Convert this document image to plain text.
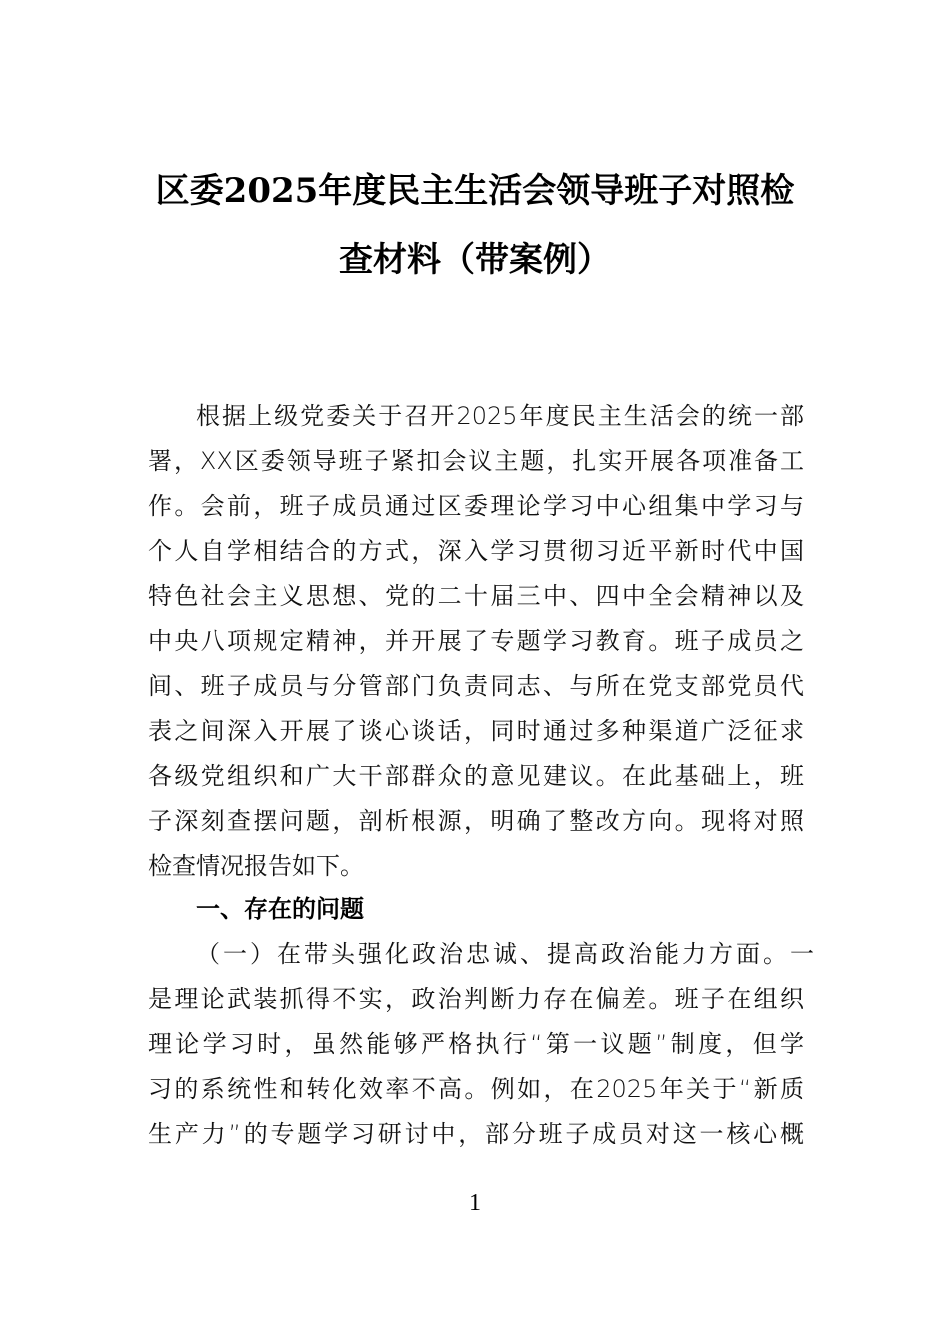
区委2025年度民主生活会领导班子对照检
查材料（带案例）
根据上级党委关于召开2025年度民主生活会的统一部
署，XX区委领导班子紧扣会议主题，扎实开展各项准备工
作。会前，班子成员通过区委理论学习中心组集中学习与
个人自学相结合的方式，深入学习贯彻习近平新时代中国
特色社会主义思想、党的二十届三中、四中全会精神以及
中央八项规定精神，并开展了专题学习教育。班子成员之
间、班子成员与分管部门负责同志、与所在党支部党员代
表之间深入开展了谈心谈话，同时通过多种渠道广泛征求
各级党组织和广大干部群众的意见建议。在此基础上，班
子深刻查摆问题，剖析根源，明确了整改方向。现将对照
检查情况报告如下。
一、存在的问题
（一）在带头强化政治忠诚、提高政治能力方面。 一
是理论武装抓得不实，政治判断力存在偏差。班子在组织
理论学习时，虽然能够严格执行“第一议题”制度，但学
习的系统性和转化效率不高。例如，在2025年关于“新质
生产力”的专题学习研讨中，部分班子成员对这一核心概
1
